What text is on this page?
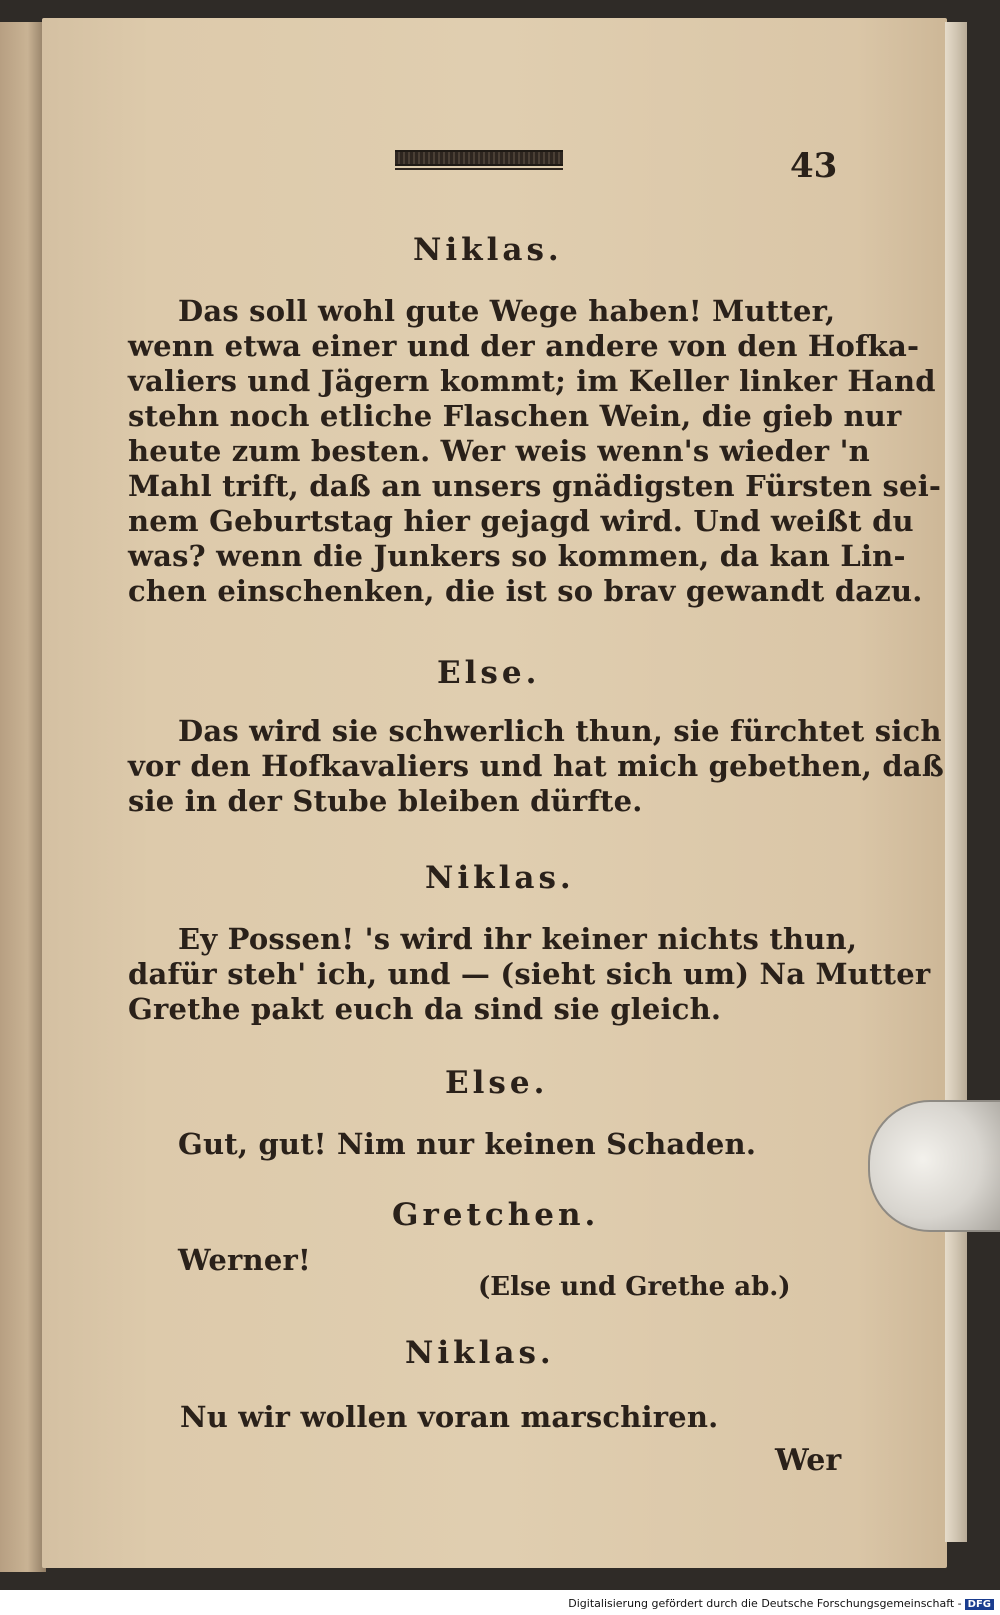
43
Niklas.
Das soll wohl gute Wege haben! Mutter,
wenn etwa einer und der andere von den Hofka-
valiers und Jägern kommt; im Keller linker Hand
stehn noch etliche Flaschen Wein, die gieb nur
heute zum besten. Wer weis wenn's wieder 'n
Mahl trift, daß an unsers gnädigsten Fürsten sei-
nem Geburtstag hier gejagd wird. Und weißt du
was? wenn die Junkers so kommen, da kan Lin-
chen einschenken, die ist so brav gewandt dazu.
Else.
Das wird sie schwerlich thun, sie fürchtet sich
vor den Hofkavaliers und hat mich gebethen, daß
sie in der Stube bleiben dürfte.
Niklas.
Ey Possen! 's wird ihr keiner nichts thun,
dafür steh' ich, und — (sieht sich um) Na Mutter
Grethe pakt euch da sind sie gleich.
Else.
Gut, gut! Nim nur keinen Schaden.
Gretchen.
Werner!
(Else und Grethe ab.)
Niklas.
Nu wir wollen voran marschiren.
Wer
Digitalisierung gefördert durch die Deutsche Forschungsgemeinschaft - DFG
